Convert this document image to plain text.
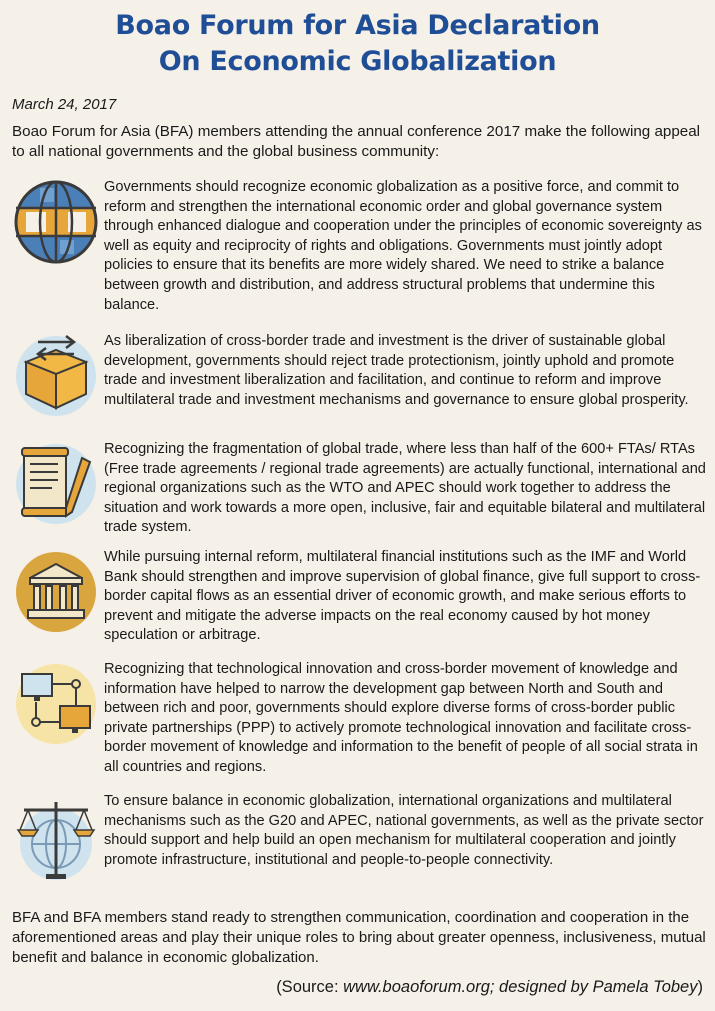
Boao Forum for Asia Declaration
On Economic Globalization
March 24, 2017
Boao Forum for Asia (BFA) members attending the annual conference 2017 make the following appeal to all national governments and the global business community:
Governments should recognize economic globalization as a positive force, and commit to reform and strengthen the international economic order and global governance system through enhanced dialogue and cooperation under the principles of economic sovereignty as well as equity and reciprocity of rights and obligations. Governments must jointly adopt policies to ensure that its benefits are more widely shared. We need to strike a balance between growth and distribution, and address structural problems that undermine this balance.
As liberalization of cross-border trade and investment is the driver of sustainable global development, governments should reject trade protectionism, jointly uphold and promote trade and investment liberalization and facilitation, and continue to reform and improve multilateral trade and investment mechanisms and governance to ensure global prosperity.
Recognizing the fragmentation of global trade, where less than half of the 600+ FTAs/ RTAs (Free trade agreements / regional trade agreements) are actually functional, international and regional organizations such as the WTO and APEC should work together to address the situation and work towards a more open, inclusive, fair and equitable bilateral and multilateral trade system.
While pursuing internal reform, multilateral financial institutions such as the IMF and World Bank should strengthen and improve supervision of global finance, give full support to cross-border capital flows as an essential driver of economic growth, and make serious efforts to prevent and mitigate the adverse impacts on the real economy caused by hot money speculation or arbitrage.
Recognizing that technological innovation and cross-border movement of knowledge and information have helped to narrow the development gap between North and South and between rich and poor, governments should explore diverse forms of cross-border public private partnerships (PPP) to actively promote technological innovation and facilitate cross-border movement of knowledge and information to the benefit of people of all social strata in all countries and regions.
To ensure balance in economic globalization, international organizations and multilateral mechanisms such as the G20 and APEC, national governments, as well as the private sector should support and help build an open mechanism for multilateral cooperation and jointly promote infrastructure, institutional and people-to-people connectivity.
BFA and BFA members stand ready to strengthen communication, coordination and cooperation in the aforementioned areas and play their unique roles to bring about greater openness, inclusiveness, mutual benefit and balance in economic globalization.
(Source: www.boaoforum.org; designed by Pamela Tobey)
